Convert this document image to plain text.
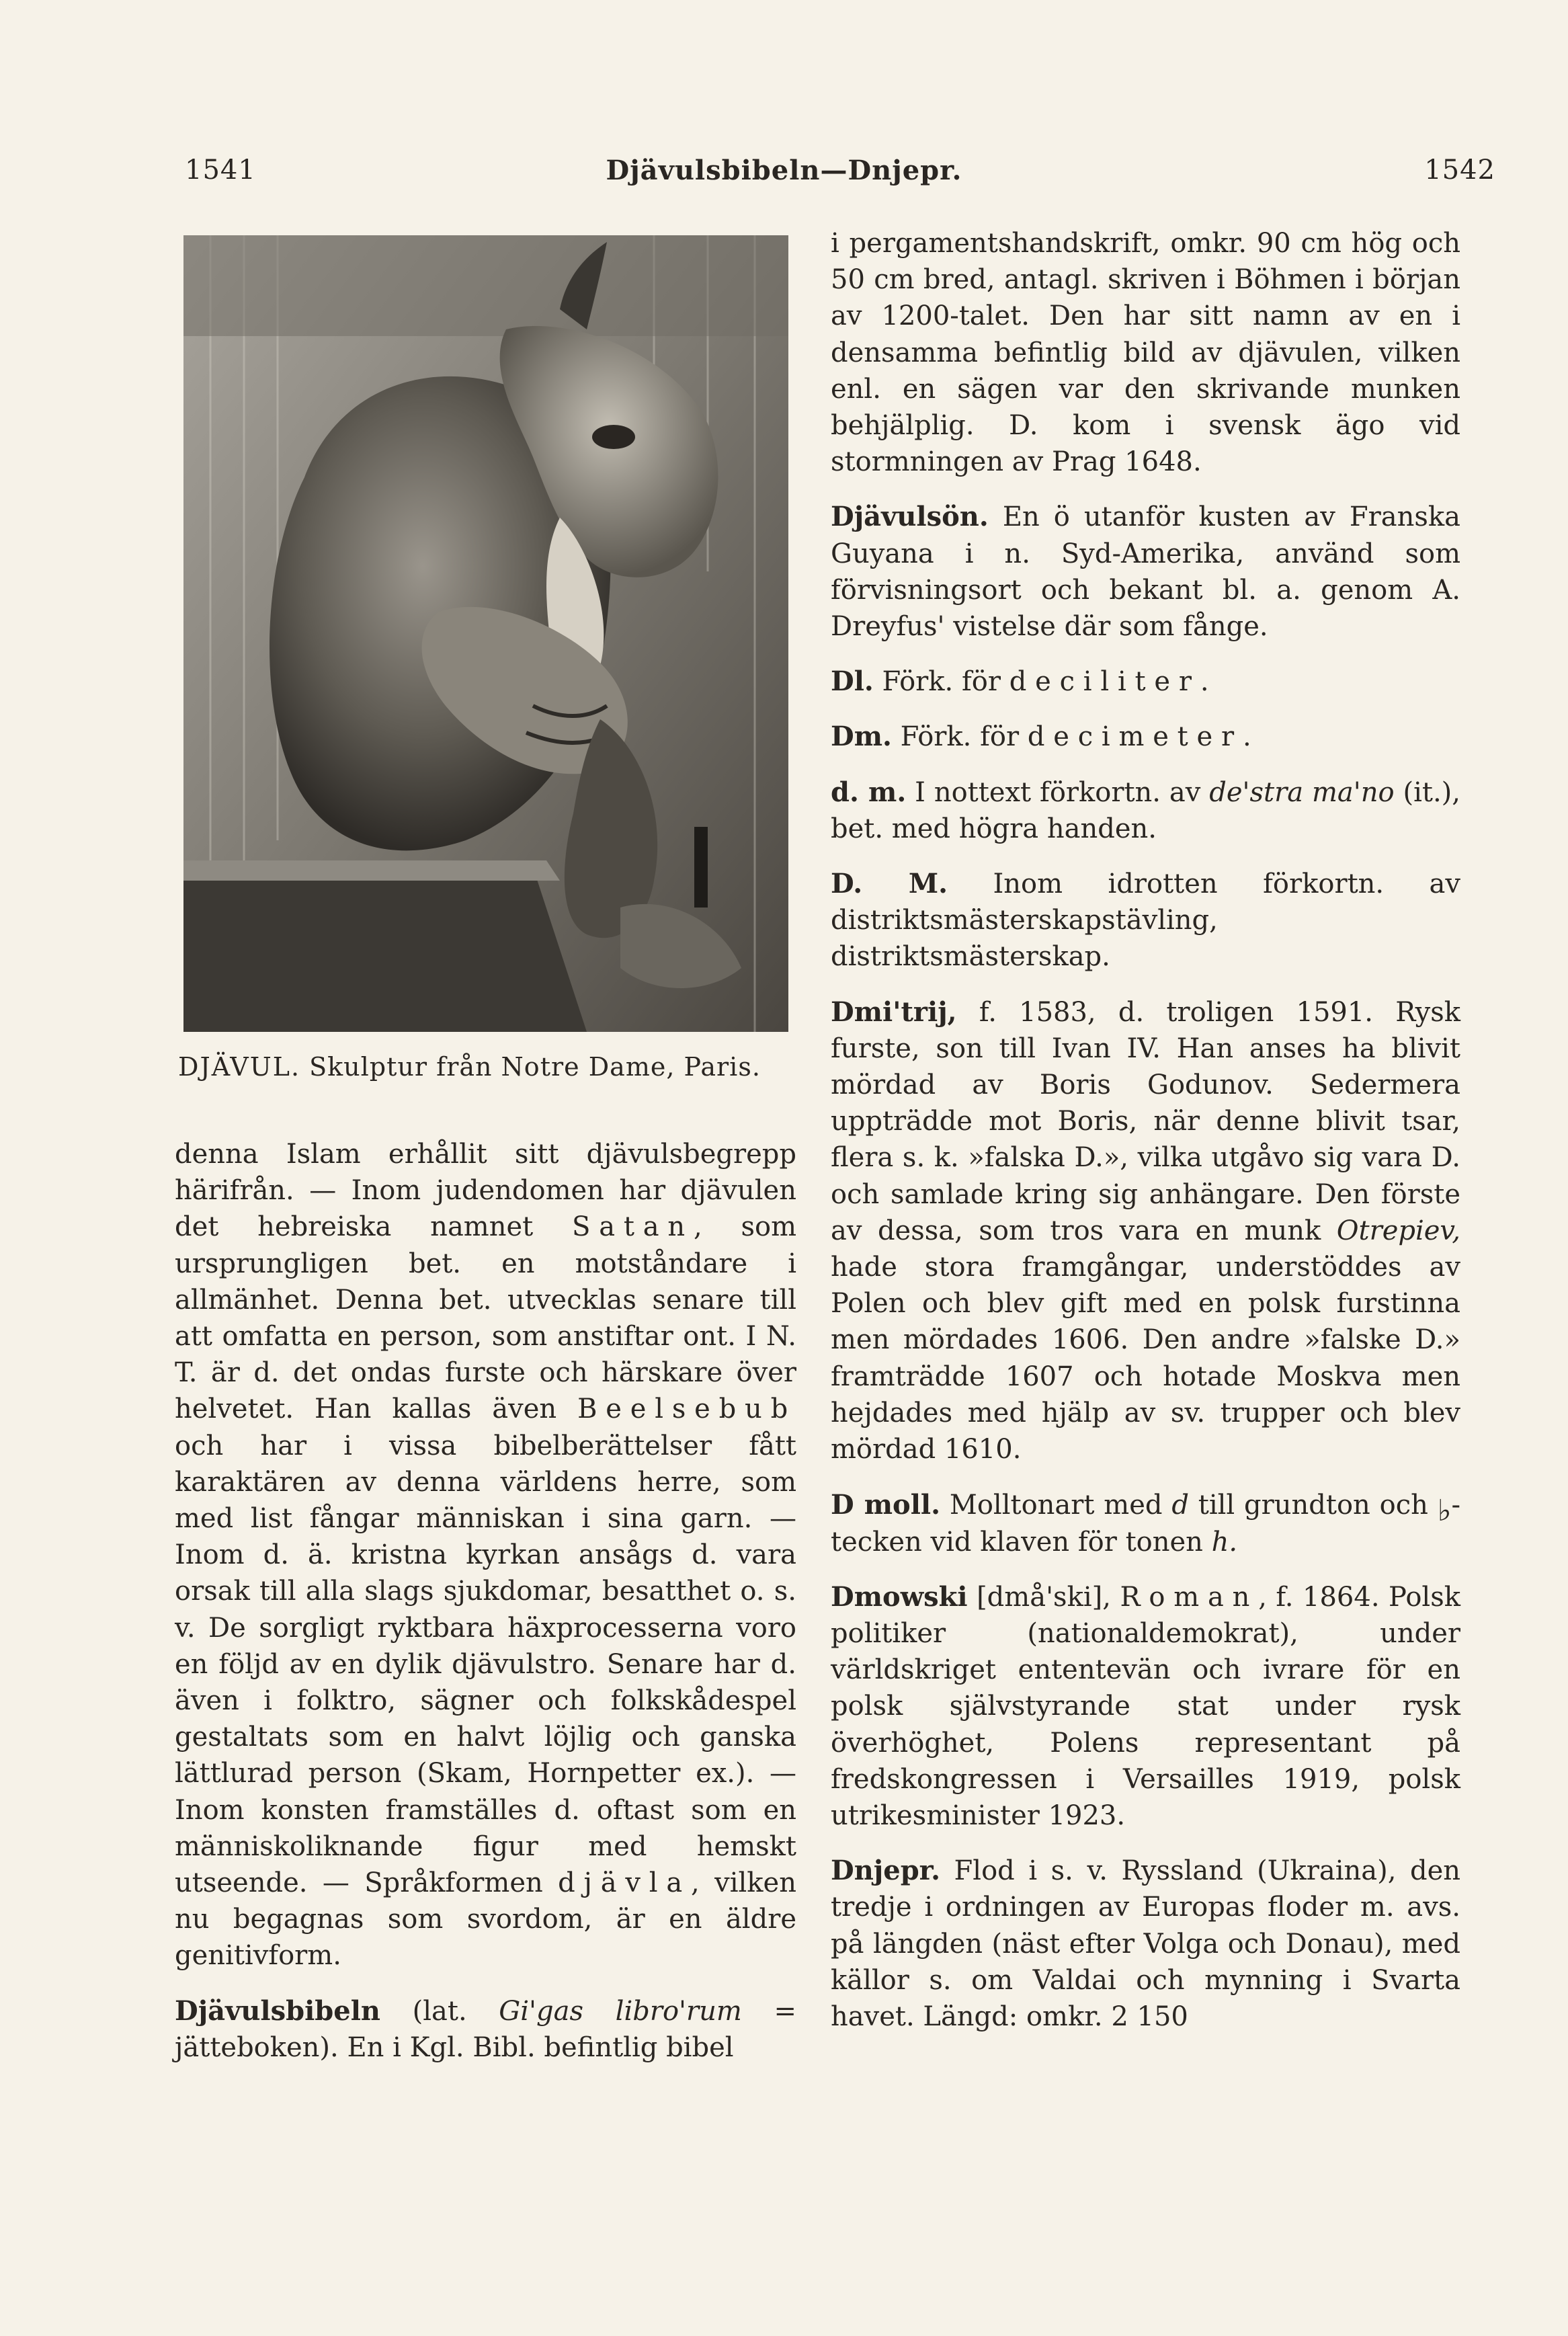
Djävulsbibeln—Dnjepr.
1541	1542
DJÄVUL. Skulptur från Notre Dame, Paris.

denna Islam erhållit sitt djävulsbegrepp härifrån. — Inom judendomen har djävulen det hebreiska namnet Satan, som ursprungligen bet. en motståndare i allmänhet. Denna bet. utvecklas senare till att omfatta en person, som anstiftar ont. I N. T. är d. det ondas furste och härskare över helvetet. Han kallas även Beelsebub och har i vissa bibelberättelser fått karaktären av denna världens herre, som med list fångar människan i sina garn. — Inom d. ä. kristna kyrkan ansågs d. vara orsak till alla slags sjukdomar, besatthet o. s. v. De sorgligt ryktbara häxprocesserna voro en följd av en dylik djävulstro. Senare har d. även i folktro, sägner och folkskådespel gestaltats som en halvt löjlig och ganska lättlurad person (Skam, Hornpetter ex.). — Inom konsten framställes d. oftast som en människoliknande figur med hemskt utseende. — Språkformen djävla, vilken nu begagnas som svordom, är en äldre genitivform.

Djävulsbibeln (lat. Gi'gas libro'rum = jätteboken). En i Kgl. Bibl. befintlig bibel

i pergamentshandskrift, omkr. 90 cm hög och 50 cm bred, antagl. skriven i Böhmen i början av 1200-talet. Den har sitt namn av en i densamma befintlig bild av djävulen, vilken enl. en sägen var den skrivande munken behjälplig. D. kom i svensk ägo vid stormningen av Prag 1648.

Djävulsön. En ö utanför kusten av Franska Guyana i n. Syd-Amerika, använd som förvisningsort och bekant bl. a. genom A. Dreyfus' vistelse där som fånge.

Dl. Förk. för deciliter.

Dm. Förk. för decimeter.

d. m. I nottext förkortn. av de'stra ma'no (it.), bet. med högra handen.

D. M. Inom idrotten förkortn. av distriktsmästerskapstävling, distriktsmästerskap.

Dmi'trij, f. 1583, d. troligen 1591. Rysk furste, son till Ivan IV. Han anses ha blivit mördad av Boris Godunov. Sedermera uppträdde mot Boris, när denne blivit tsar, flera s. k. »falska D.», vilka utgåvo sig vara D. och samlade kring sig anhängare. Den förste av dessa, som tros vara en munk Otrepiev, hade stora framgångar, understöddes av Polen och blev gift med en polsk furstinna men mördades 1606. Den andre »falske D.» framträdde 1607 och hotade Moskva men hejdades med hjälp av sv. trupper och blev mördad 1610.

D moll. Molltonart med d till grundton och ♭-tecken vid klaven för tonen h.

Dmowski [dmå'ski], Roman, f. 1864. Polsk politiker (nationaldemokrat), under världskriget ententevän och ivrare för en polsk självstyrande stat under rysk överhöghet, Polens representant på fredskongressen i Versailles 1919, polsk utrikesminister 1923.

Dnjepr. Flod i s. v. Ryssland (Ukraina), den tredje i ordningen av Europas floder m. avs. på längden (näst efter Volga och Donau), med källor s. om Valdai och mynning i Svarta havet. Längd: omkr. 2 150
